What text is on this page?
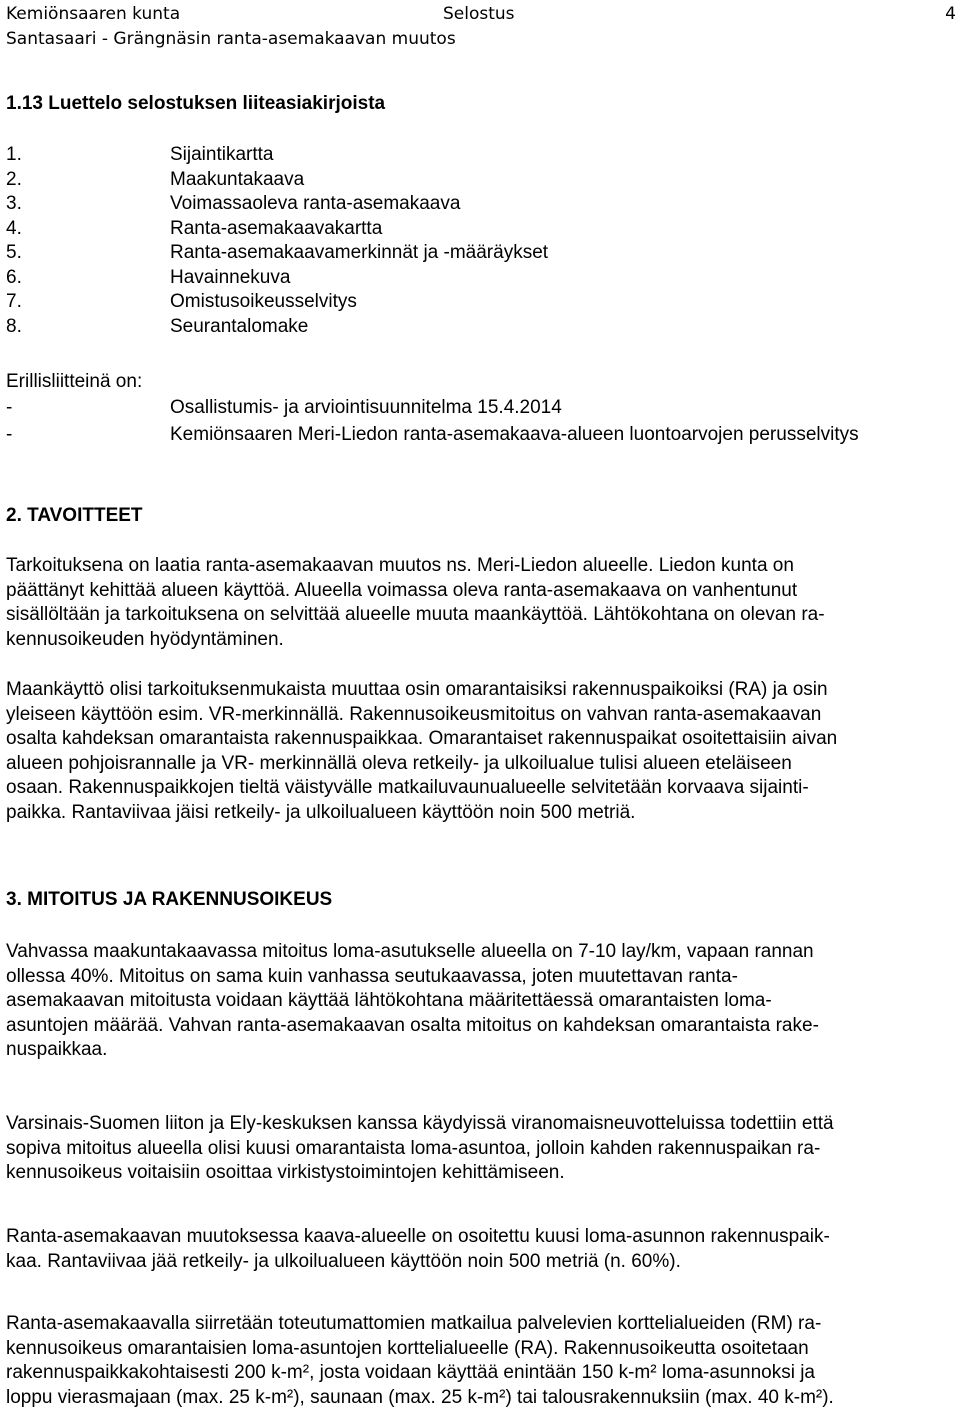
Kemiönsaaren kunta	Selostus	4
Santasaari - Grängnäsin ranta-asemakaavan muutos
1.13 Luettelo selostuksen liiteasiakirjoista
1.	Sijaintikartta
2.	Maakuntakaava
3.	Voimassaoleva ranta-asemakaava
4.	Ranta-asemakaavakartta
5.	Ranta-asemakaavamerkinnät ja -määräykset
6.	Havainnekuva
7.	Omistusoikeusselvitys
8.	Seurantalomake
Erillisliitteinä on:
-	Osallistumis- ja arviointisuunnitelma 15.4.2014
-	Kemiönsaaren Meri-Liedon ranta-asemakaava-alueen luontoarvojen perusselvitys
2. TAVOITTEET
Tarkoituksena on laatia ranta-asemakaavan muutos ns. Meri-Liedon alueelle. Liedon kunta on
päättänyt kehittää alueen käyttöä. Alueella voimassa oleva ranta-asemakaava on vanhentunut
sisällöltään ja tarkoituksena on selvittää alueelle muuta maankäyttöä. Lähtökohtana on olevan ra-
kennusoikeuden hyödyntäminen.
Maankäyttö olisi tarkoituksenmukaista muuttaa osin omarantaisiksi rakennuspaikoiksi (RA) ja osin
yleiseen käyttöön esim. VR-merkinnällä. Rakennusoikeusmitoitus on vahvan ranta-asemakaavan
osalta kahdeksan omarantaista rakennuspaikkaa. Omarantaiset rakennuspaikat osoitettaisiin aivan
alueen pohjoisrannalle ja VR- merkinnällä oleva retkeily- ja ulkoilualue tulisi alueen eteläiseen
osaan. Rakennuspaikkojen tieltä väistyvälle matkailuvaunualueelle selvitetään korvaava sijainti-
paikka. Rantaviivaa jäisi retkeily- ja ulkoilualueen käyttöön noin 500 metriä.
3. MITOITUS JA RAKENNUSOIKEUS
Vahvassa maakuntakaavassa mitoitus loma-asutukselle alueella on 7-10 lay/km, vapaan rannan
ollessa 40%. Mitoitus on sama kuin vanhassa seutukaavassa, joten muutettavan ranta-
asemakaavan mitoitusta voidaan käyttää lähtökohtana määritettäessä omarantaisten loma-
asuntojen määrää. Vahvan ranta-asemakaavan osalta mitoitus on kahdeksan omarantaista rake-
nuspaikkaa.
Varsinais-Suomen liiton ja Ely-keskuksen kanssa käydyissä viranomaisneuvotteluissa todettiin että
sopiva mitoitus alueella olisi kuusi omarantaista loma-asuntoa, jolloin kahden rakennuspaikan ra-
kennusoikeus voitaisiin osoittaa virkistystoimintojen kehittämiseen.
Ranta-asemakaavan muutoksessa kaava-alueelle on osoitettu kuusi loma-asunnon rakennuspaik-
kaa. Rantaviivaa jää retkeily- ja ulkoilualueen käyttöön noin 500 metriä (n. 60%).
Ranta-asemakaavalla siirretään toteutumattomien matkailua palvelevien korttelialueiden (RM) ra-
kennusoikeus omarantaisien loma-asuntojen korttelialueelle (RA). Rakennusoikeutta osoitetaan
rakennuspaikkakohtaisesti 200 k-m², josta voidaan käyttää enintään 150 k-m² loma-asunnoksi ja
loppu vierasmajaan (max. 25 k-m²), saunaan (max. 25 k-m²) tai talousrakennuksiin (max. 40 k-m²).
